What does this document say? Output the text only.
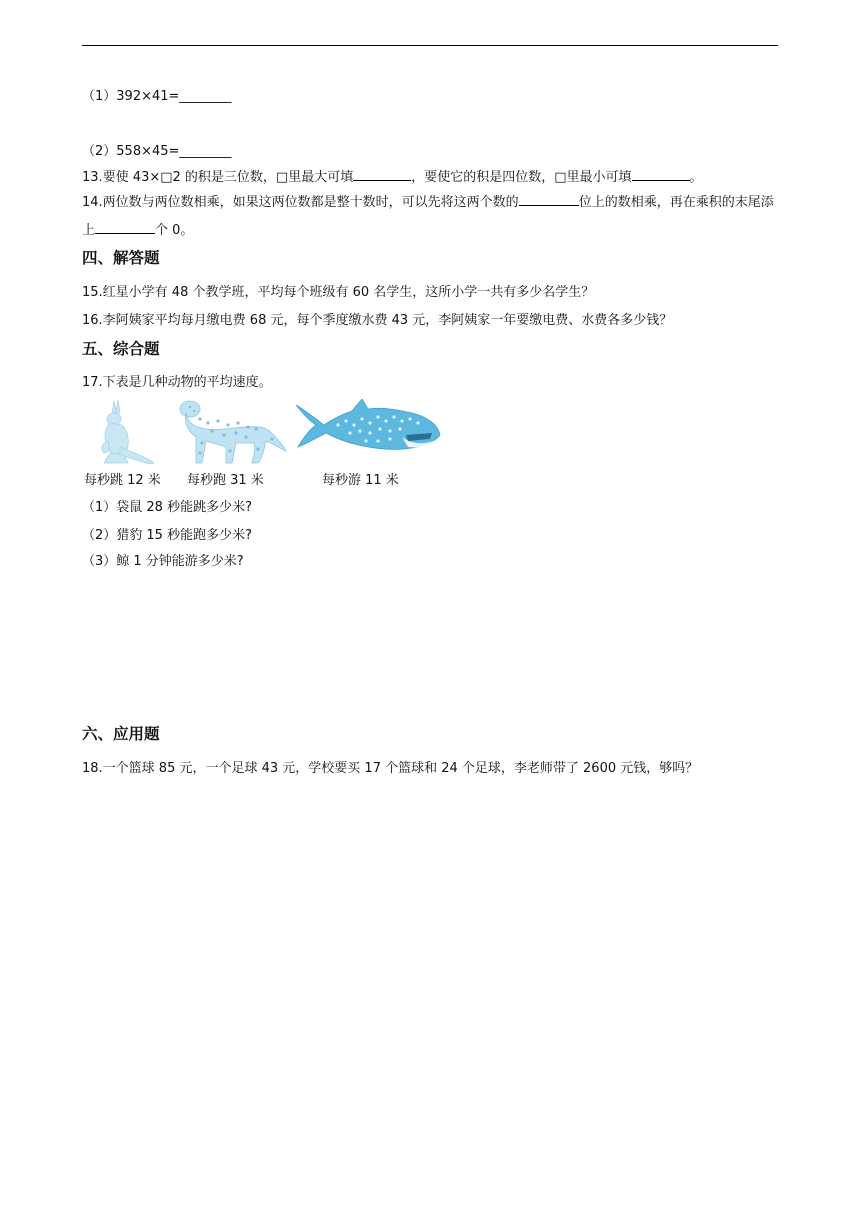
（1）392×41=________
（2）558×45=________
13.要使 43×□2 的积是三位数，□里最大可填	，要使它的积是四位数，□里最小可填	。
14.两位数与两位数相乘，如果这两位数都是整十数时，可以先将这两个数的	位上的数相乘，再在乘积的末尾添上	个 0。
四、解答题
15.红星小学有 48 个教学班，平均每个班级有 60 名学生，这所小学一共有多少名学生？
16.李阿姨家平均每月缴电费 68 元，每个季度缴水费 43 元，李阿姨家一年要缴电费、水费各多少钱？
五、综合题
17.下表是几种动物的平均速度。
每秒跳 12 米 每秒跑 31 米	每秒游 11 米
（1）袋鼠 28 秒能跳多少米?
（2）猎豹 15 秒能跑多少米?
（3）鲸 1 分钟能游多少米?
六、应用题
18.一个篮球 85 元，一个足球 43 元，学校要买 17 个篮球和 24 个足球，李老师带了 2600 元钱，够吗？
